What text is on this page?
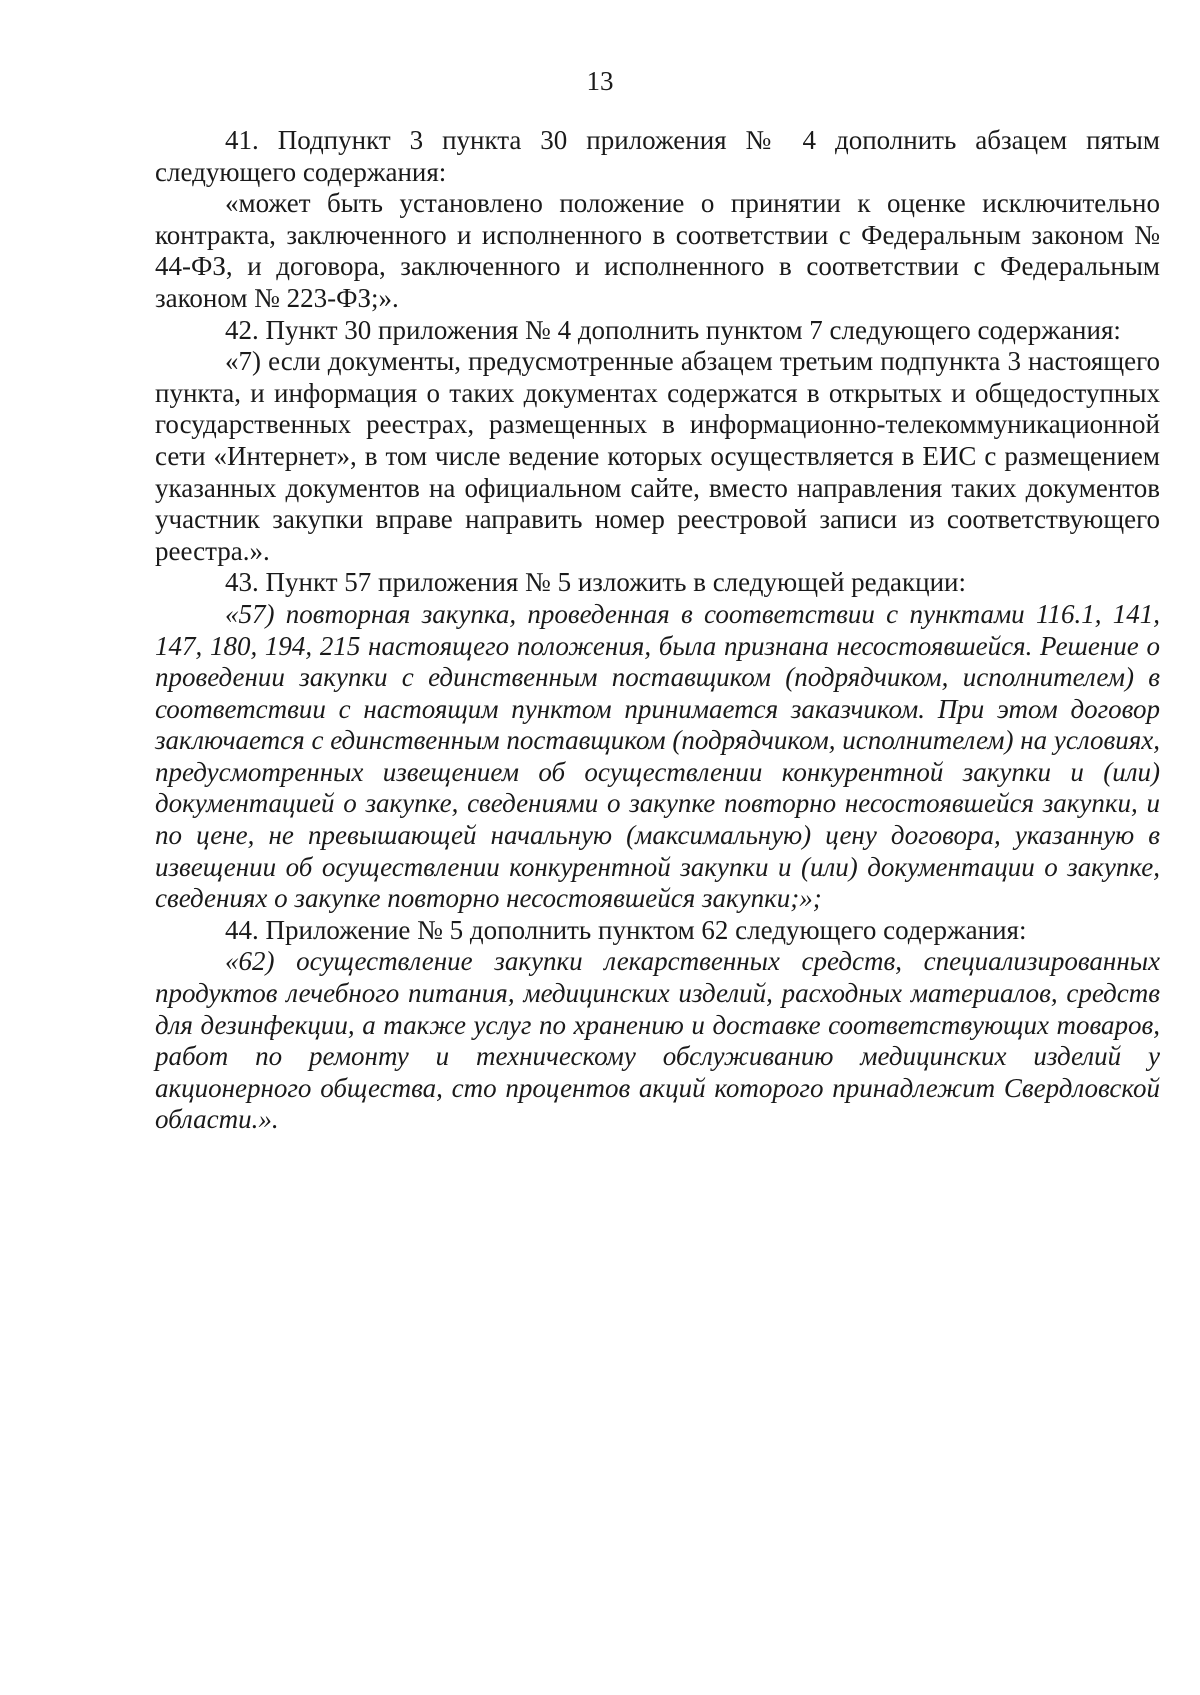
13

41. Подпункт 3 пункта 30 приложения № 4 дополнить абзацем пятым следующего содержания:

«может быть установлено положение о принятии к оценке исключительно контракта, заключенного и исполненного в соответствии с Федеральным законом № 44-ФЗ, и договора, заключенного и исполненного в соответствии с Федеральным законом № 223-ФЗ;».

42. Пункт 30 приложения № 4 дополнить пунктом 7 следующего содержания:

«7) если документы, предусмотренные абзацем третьим подпункта 3 настоящего пункта, и информация о таких документах содержатся в открытых и общедоступных государственных реестрах, размещенных в информационно-телекоммуникационной сети «Интернет», в том числе ведение которых осуществляется в ЕИС с размещением указанных документов на официальном сайте, вместо направления таких документов участник закупки вправе направить номер реестровой записи из соответствующего реестра.».

43. Пункт 57 приложения № 5 изложить в следующей редакции:

«57) повторная закупка, проведенная в соответствии с пунктами 116.1, 141, 147, 180, 194, 215 настоящего положения, была признана несостоявшейся. Решение о проведении закупки с единственным поставщиком (подрядчиком, исполнителем) в соответствии с настоящим пунктом принимается заказчиком. При этом договор заключается с единственным поставщиком (подрядчиком, исполнителем) на условиях, предусмотренных извещением об осуществлении конкурентной закупки и (или) документацией о закупке, сведениями о закупке повторно несостоявшейся закупки, и по цене, не превышающей начальную (максимальную) цену договора, указанную в извещении об осуществлении конкурентной закупки и (или) документации о закупке, сведениях о закупке повторно несостоявшейся закупки;»;

44. Приложение № 5 дополнить пунктом 62 следующего содержания:

«62) осуществление закупки лекарственных средств, специализированных продуктов лечебного питания, медицинских изделий, расходных материалов, средств для дезинфекции, а также услуг по хранению и доставке соответствующих товаров, работ по ремонту и техническому обслуживанию медицинских изделий у акционерного общества, сто процентов акций которого принадлежит Свердловской области.».
